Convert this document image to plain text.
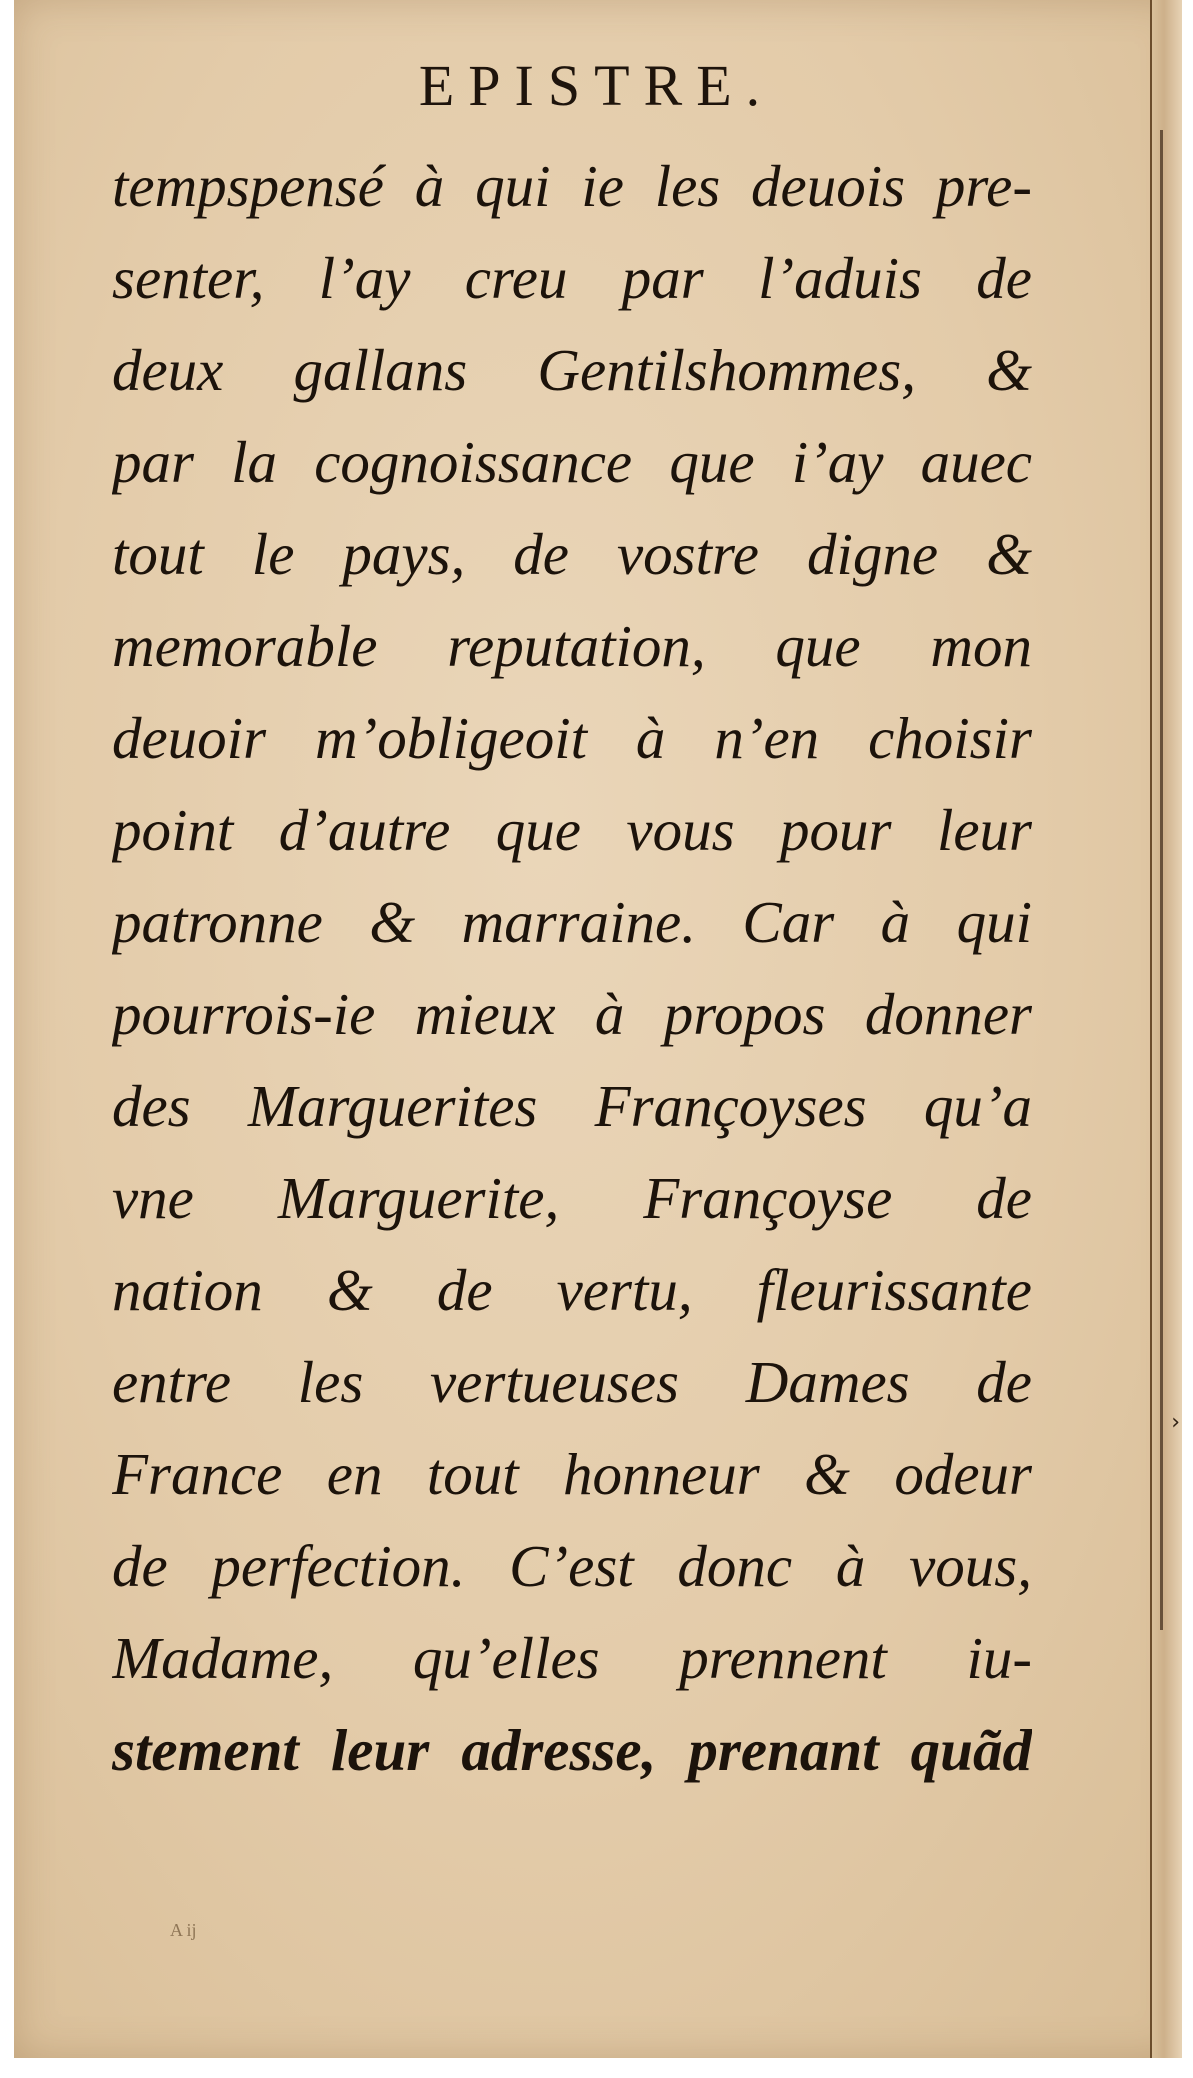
›
EPISTRE.
tempspensé à qui ie les deuois pre-
senter, l’ay creu par l’aduis de
deux gallans Gentilshommes, &
par la cognoissance que i’ay auec
tout le pays, de vostre digne &
memorable reputation, que mon
deuoir m’obligeoit à n’en choisir
point d’autre que vous pour leur
patronne & marraine. Car à qui
pourrois-ie mieux à propos donner
des Marguerites Françoyses qu’a
vne Marguerite, Françoyse de
nation & de vertu, fleurissante
entre les vertueuses Dames de
France en tout honneur & odeur
de perfection. C’est donc à vous,
Madame, qu’elles prennent iu-
stement leur adresse, prenant quãd
A ij
